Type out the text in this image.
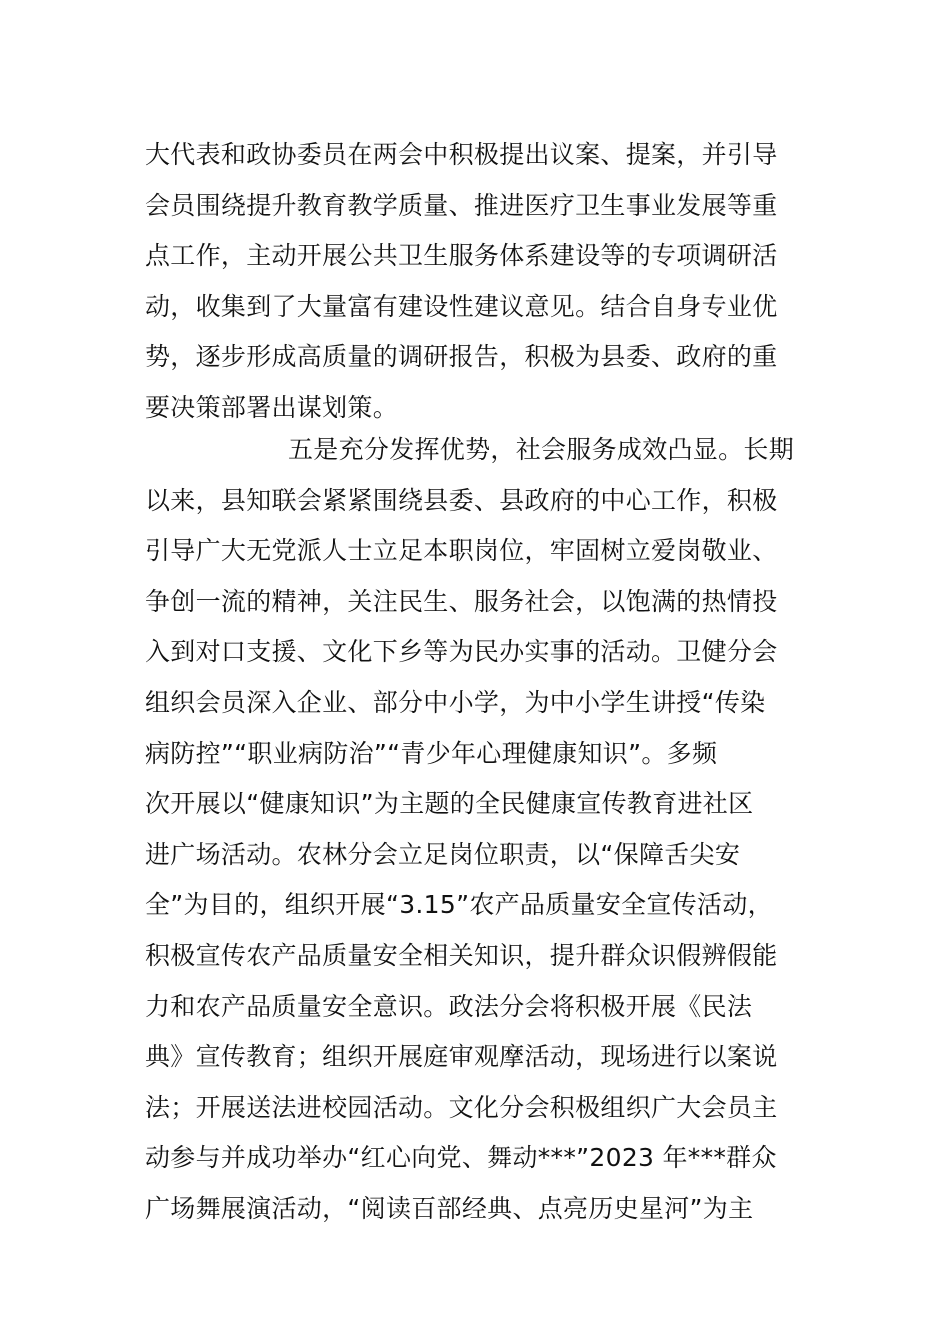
大代表和政协委员在两会中积极提出议案、提案，并引导
会员围绕提升教育教学质量、推进医疗卫生事业发展等重
点工作，主动开展公共卫生服务体系建设等的专项调研活
动，收集到了大量富有建设性建议意见。结合自身专业优
势，逐步形成高质量的调研报告，积极为县委、政府的重
要决策部署出谋划策。
五是充分发挥优势，社会服务成效凸显。长期
以来，县知联会紧紧围绕县委、县政府的中心工作，积极
引导广大无党派人士立足本职岗位，牢固树立爱岗敬业、
争创一流的精神，关注民生、服务社会，以饱满的热情投
入到对口支援、文化下乡等为民办实事的活动。卫健分会
组织会员深入企业、部分中小学，为中小学生讲授“传染
病防控”“职业病防治”“青少年心理健康知识”。多频
次开展以“健康知识”为主题的全民健康宣传教育进社区
进广场活动。农林分会立足岗位职责，以“保障舌尖安
全”为目的，组织开展“3.15”农产品质量安全宣传活动，
积极宣传农产品质量安全相关知识，提升群众识假辨假能
力和农产品质量安全意识。政法分会将积极开展《民法
典》宣传教育；组织开展庭审观摩活动，现场进行以案说
法；开展送法进校园活动。文化分会积极组织广大会员主
动参与并成功举办“红心向党、舞动***”2023 年***群众
广场舞展演活动，“阅读百部经典、点亮历史星河”为主
